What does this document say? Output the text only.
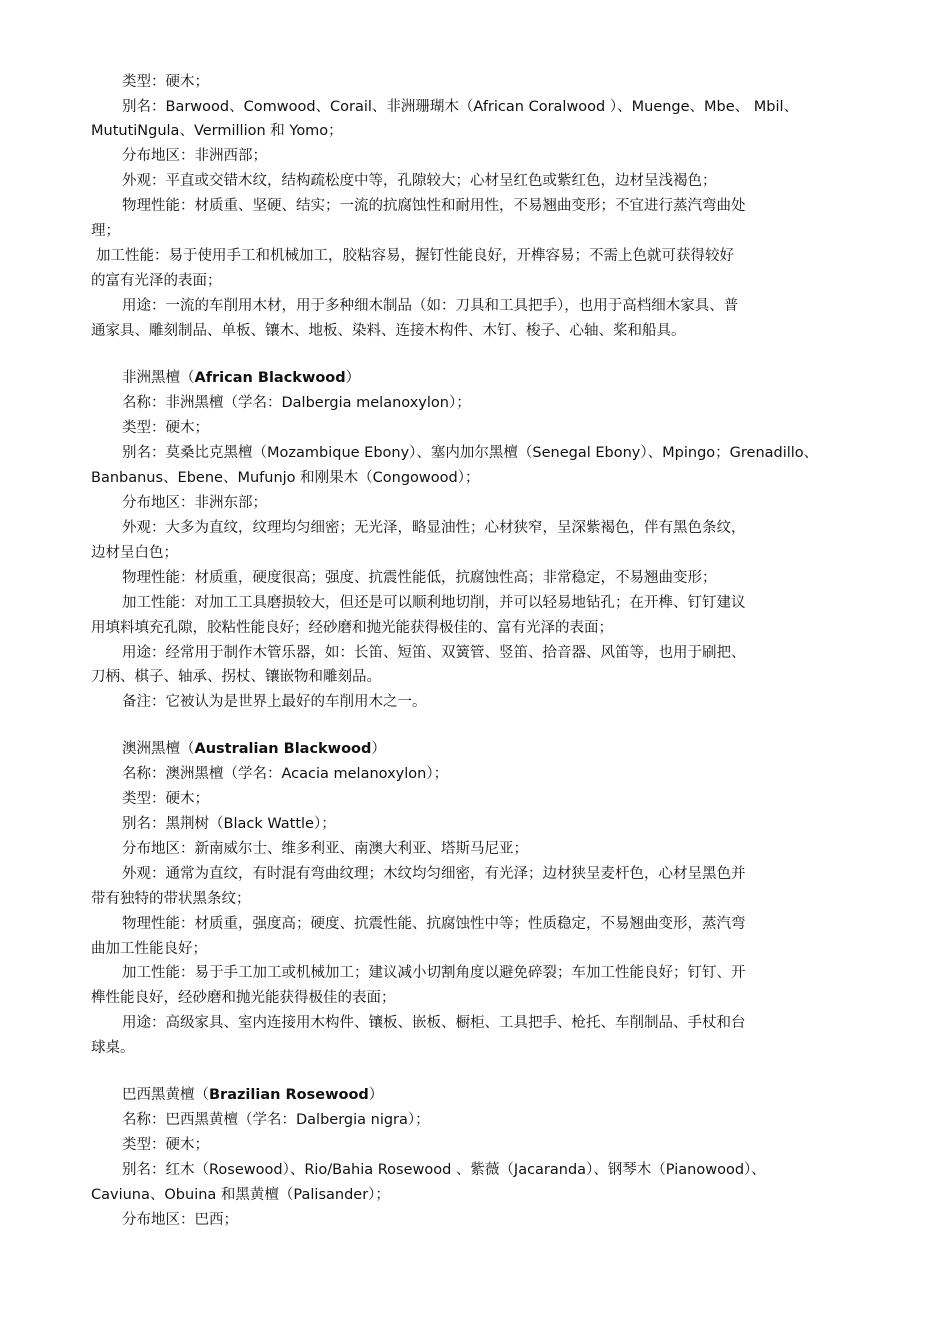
类型：硬木；
别名：Barwood、Comwood、Corail、非洲珊瑚木（African Coralwood ）、Muenge、Mbe、 Mbil、
MututiNgula、Vermillion 和 Yomo；
分布地区：非洲西部；
外观：平直或交错木纹，结构疏松度中等，孔隙较大；心材呈红色或紫红色，边材呈浅褐色；
物理性能：材质重、坚硬、结实；一流的抗腐蚀性和耐用性，不易翘曲变形；不宜进行蒸汽弯曲处
理；
加工性能：易于使用手工和机械加工，胶粘容易，握钉性能良好，开榫容易；不需上色就可获得较好
的富有光泽的表面；
用途：一流的车削用木材，用于多种细木制品（如：刀具和工具把手），也用于高档细木家具、普
通家具、雕刻制品、单板、镶木、地板、染料、连接木构件、木钉、梭子、心轴、桨和船具。
非洲黑檀（African Blackwood）
名称：非洲黑檀（学名：Dalbergia melanoxylon）；
类型：硬木；
别名：莫桑比克黑檀（Mozambique Ebony）、塞内加尔黑檀（Senegal Ebony）、Mpingo；Grenadillo、
Banbanus、Ebene、Mufunjo 和刚果木（Congowood）；
分布地区：非洲东部；
外观：大多为直纹，纹理均匀细密；无光泽，略显油性；心材狭窄，呈深紫褐色，伴有黑色条纹，
边材呈白色；
物理性能：材质重，硬度很高；强度、抗震性能低，抗腐蚀性高；非常稳定，不易翘曲变形；
加工性能：对加工工具磨损较大，但还是可以顺利地切削，并可以轻易地钻孔；在开榫、钉钉建议
用填料填充孔隙，胶粘性能良好；经砂磨和抛光能获得极佳的、富有光泽的表面；
用途：经常用于制作木管乐器，如：长笛、短笛、双簧管、竖笛、拾音器、风笛等，也用于刷把、
刀柄、棋子、轴承、拐杖、镶嵌物和雕刻品。
备注：它被认为是世界上最好的车削用木之一。
澳洲黑檀（Australian Blackwood）
名称：澳洲黑檀（学名：Acacia melanoxylon）；
类型：硬木；
别名：黑荆树（Black Wattle）；
分布地区：新南威尔士、维多利亚、南澳大利亚、塔斯马尼亚；
外观：通常为直纹，有时混有弯曲纹理；木纹均匀细密，有光泽；边材狭呈麦杆色，心材呈黑色并
带有独特的带状黑条纹；
物理性能：材质重，强度高；硬度、抗震性能、抗腐蚀性中等；性质稳定，不易翘曲变形，蒸汽弯
曲加工性能良好；
加工性能：易于手工加工或机械加工；建议减小切割角度以避免碎裂；车加工性能良好；钉钉、开
榫性能良好，经砂磨和抛光能获得极佳的表面；
用途：高级家具、室内连接用木构件、镶板、嵌板、橱柜、工具把手、枪托、车削制品、手杖和台
球桌。
巴西黑黄檀（Brazilian Rosewood）
名称：巴西黑黄檀（学名：Dalbergia nigra）；
类型：硬木；
别名：红木（Rosewood）、Rio/Bahia Rosewood 、紫薇（Jacaranda）、钢琴木（Pianowood）、
Caviuna、Obuina 和黑黄檀（Palisander）；
分布地区：巴西；
